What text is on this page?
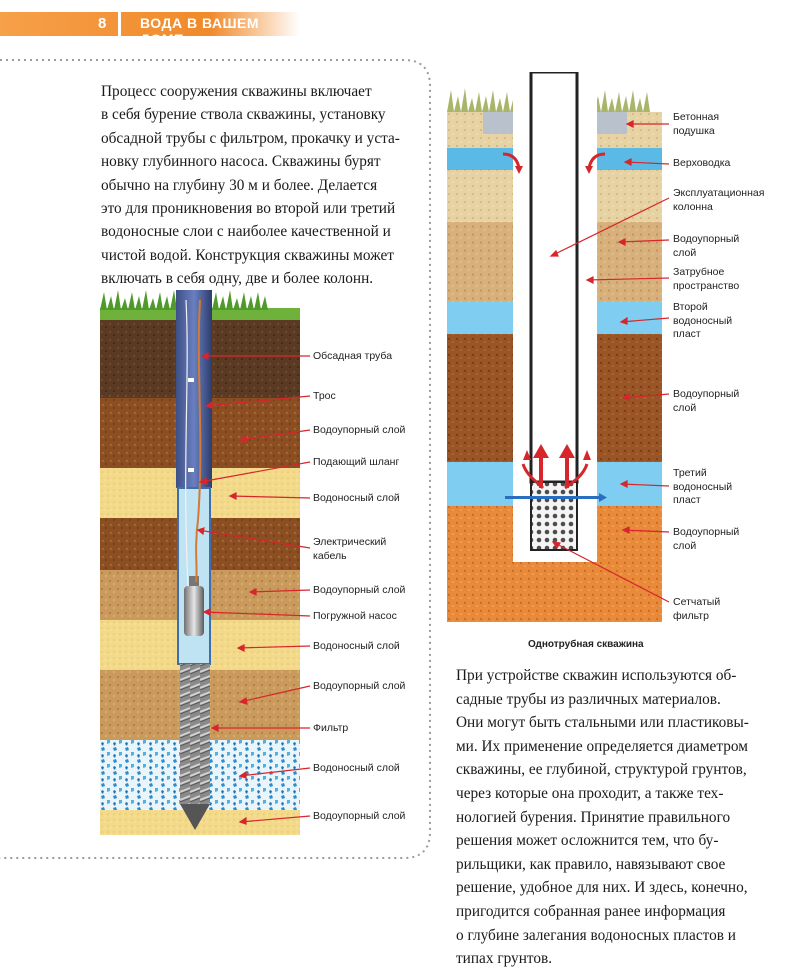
8 ВОДА В ВАШЕМ ДОМЕ
Процесс сооружения скважины включает
в себя бурение ствола скважины, установку
обсадной трубы с фильтром, прокачку и уста-
новку глубинного насоса. Скважины бурят
обычно на глубину 30 м и более. Делается
это для проникновения во второй или третий
водоносные слои с наиболее качественной и
чистой водой. Конструкция скважины может
включать в себя одну, две и более колонн.
Обсадная труба
Трос
Водоупорный слой
Подающий шланг
Водоносный слой
Электрический
кабель
Водоупорный слой
Погружной насос
Водоносный слой
Водоупорный слой
Фильтр
Водоносный слой
Водоупорный слой
Бетонная
подушка
Верховодка
Эксплуатационная
колонна
Водоупорный
слой
Затрубное
пространство
Второй
водоносный
пласт
Водоупорный
слой
Третий
водоносный
пласт
Водоупорный
слой
Сетчатый
фильтр
Однотрубная скважина
При устройстве скважин используются об-
садные трубы из различных материалов.
Они могут быть стальными или пластиковы-
ми. Их применение определяется диаметром
скважины, ее глубиной, структурой грунтов,
через которые она проходит, а также тех-
нологией бурения. Принятие правильного
решения может осложнится тем, что бу-
рильщики, как правило, навязывают свое
решение, удобное для них. И здесь, конечно,
пригодится собранная ранее информация
о глубине залегания водоносных пластов и
типах грунтов.
